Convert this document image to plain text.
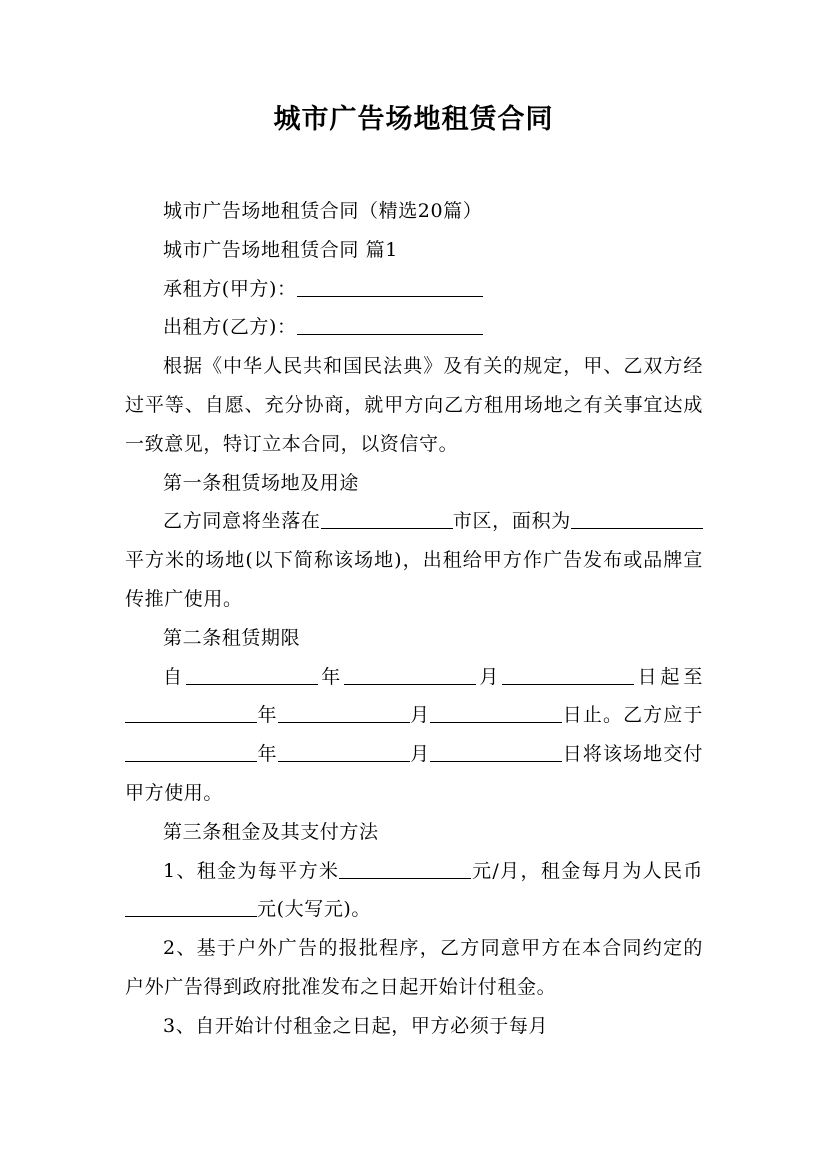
城市广告场地租赁合同

城市广告场地租赁合同（精选20篇）

城市广告场地租赁合同 篇1

承租方(甲方)：

出租方(乙方)：

根据《中华人民共和国民法典》及有关的规定，甲、乙双方经过平等、自愿、充分协商，就甲方向乙方租用场地之有关事宜达成一致意见，特订立本合同，以资信守。

第一条租赁场地及用途

乙方同意将坐落在	市区，面积为平方米的场地(以下简称该场地)，出租给甲方作广告发布或品牌宣传推广使用。

第二条租赁期限

自	年	月	日起至年	月	日止。乙方应于年	月	日将该场地交付甲方使用。

第三条租金及其支付方法

1、租金为每平方米	元/月，租金每月为人民币元(大写元)。

2、基于户外广告的报批程序，乙方同意甲方在本合同约定的户外广告得到政府批准发布之日起开始计付租金。

3、自开始计付租金之日起，甲方必须于每月
